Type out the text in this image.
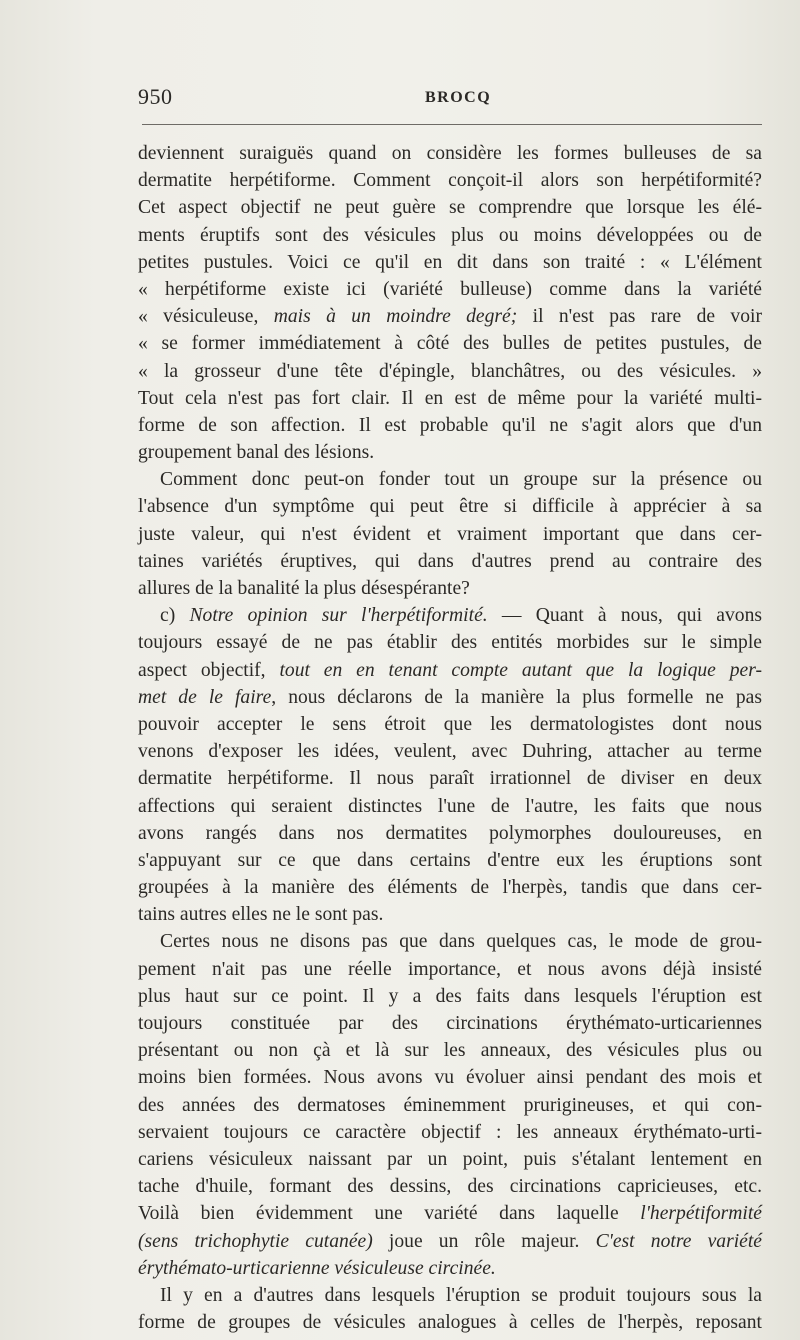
950	BROCQ
deviennent suraiguës quand on considère les formes bulleuses de sa
dermatite herpétiforme. Comment conçoit-il alors son herpétiformité?
Cet aspect objectif ne peut guère se comprendre que lorsque les élé-
ments éruptifs sont des vésicules plus ou moins développées ou de
petites pustules. Voici ce qu'il en dit dans son traité : « L'élément
« herpétiforme existe ici (variété bulleuse) comme dans la variété
« vésiculeuse, mais à un moindre degré; il n'est pas rare de voir
« se former immédiatement à côté des bulles de petites pustules, de
« la grosseur d'une tête d'épingle, blanchâtres, ou des vésicules. »
Tout cela n'est pas fort clair. Il en est de même pour la variété multi-
forme de son affection. Il est probable qu'il ne s'agit alors que d'un
groupement banal des lésions.
Comment donc peut-on fonder tout un groupe sur la présence ou
l'absence d'un symptôme qui peut être si difficile à apprécier à sa
juste valeur, qui n'est évident et vraiment important que dans cer-
taines variétés éruptives, qui dans d'autres prend au contraire des
allures de la banalité la plus désespérante?
c) Notre opinion sur l'herpétiformité. — Quant à nous, qui avons
toujours essayé de ne pas établir des entités morbides sur le simple
aspect objectif, tout en en tenant compte autant que la logique per-
met de le faire, nous déclarons de la manière la plus formelle ne pas
pouvoir accepter le sens étroit que les dermatologistes dont nous
venons d'exposer les idées, veulent, avec Duhring, attacher au terme
dermatite herpétiforme. Il nous paraît irrationnel de diviser en deux
affections qui seraient distinctes l'une de l'autre, les faits que nous
avons rangés dans nos dermatites polymorphes douloureuses, en
s'appuyant sur ce que dans certains d'entre eux les éruptions sont
groupées à la manière des éléments de l'herpès, tandis que dans cer-
tains autres elles ne le sont pas.
Certes nous ne disons pas que dans quelques cas, le mode de grou-
pement n'ait pas une réelle importance, et nous avons déjà insisté
plus haut sur ce point. Il y a des faits dans lesquels l'éruption est
toujours constituée par des circinations érythémato-urticariennes
présentant ou non çà et là sur les anneaux, des vésicules plus ou
moins bien formées. Nous avons vu évoluer ainsi pendant des mois et
des années des dermatoses éminemment prurigineuses, et qui con-
servaient toujours ce caractère objectif : les anneaux érythémato-urti-
cariens vésiculeux naissant par un point, puis s'étalant lentement en
tache d'huile, formant des dessins, des circinations capricieuses, etc.
Voilà bien évidemment une variété dans laquelle l'herpétiformité
(sens trichophytie cutanée) joue un rôle majeur. C'est notre variété
érythémato-urticarienne vésiculeuse circinée.
Il y en a d'autres dans lesquels l'éruption se produit toujours sous la
forme de groupes de vésicules analogues à celles de l'herpès, reposant
